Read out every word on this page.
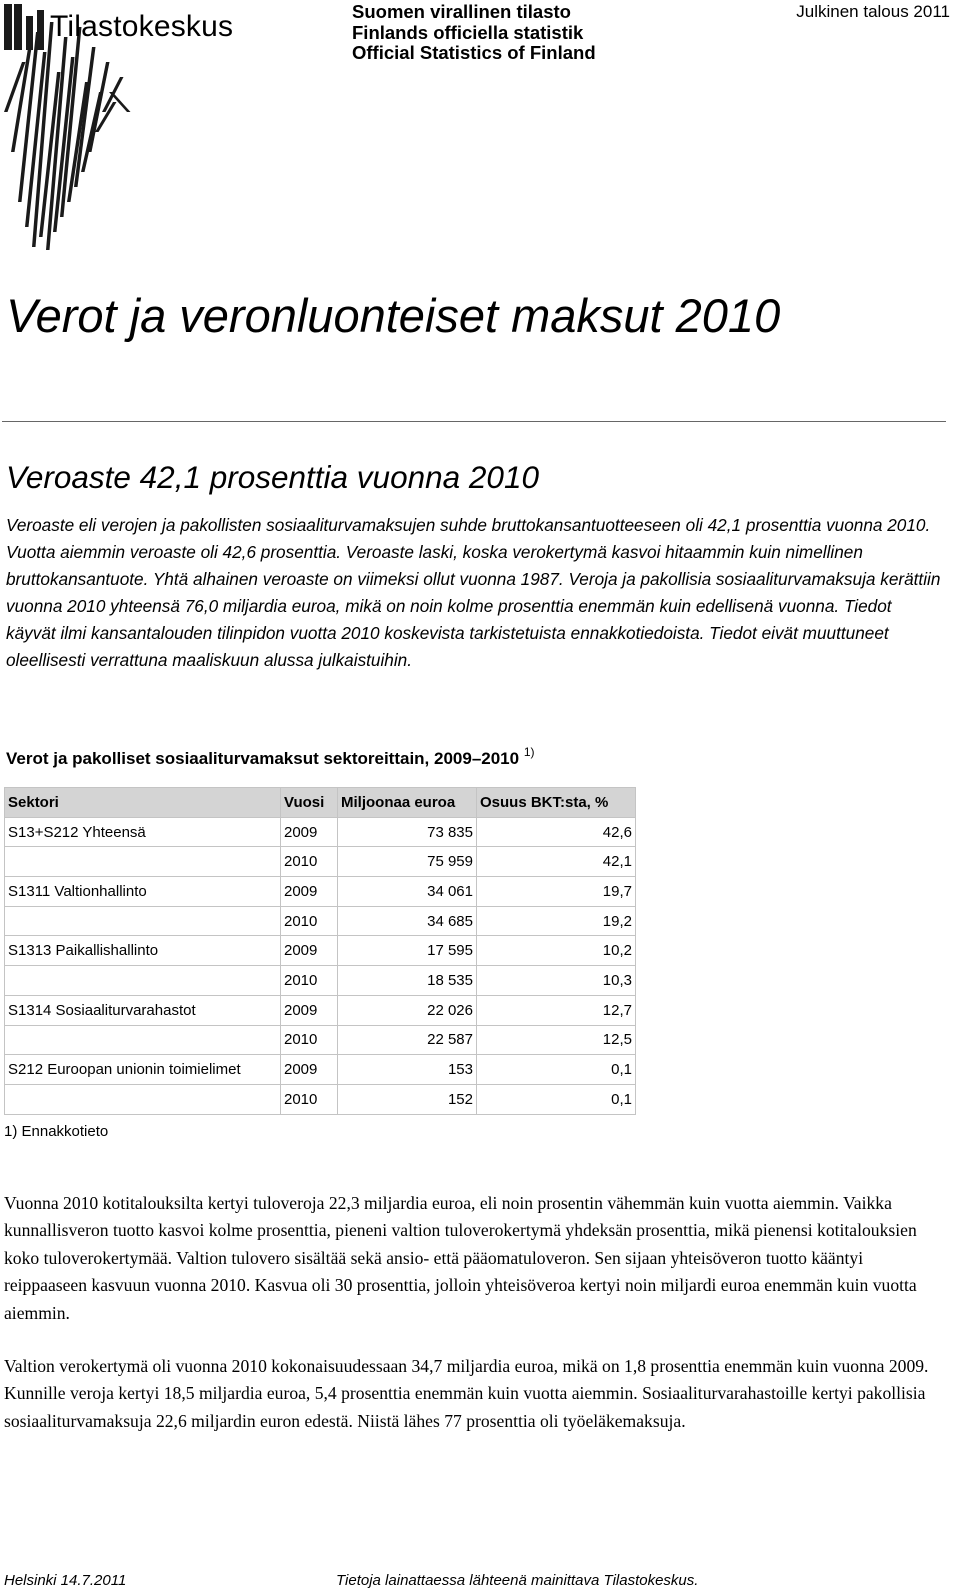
Tilastokeskus	Suomen virallinen tilasto
Finlands officiella statistik
Official Statistics of Finland
Julkinen talous 2011
Verot ja veronluonteiset maksut 2010
Veroaste 42,1 prosenttia vuonna 2010
Veroaste eli verojen ja pakollisten sosiaaliturvamaksujen suhde bruttokansantuotteeseen oli 42,1 prosenttia vuonna 2010. Vuotta aiemmin veroaste oli 42,6 prosenttia. Veroaste laski, koska verokertymä kasvoi hitaammin kuin nimellinen bruttokansantuote. Yhtä alhainen veroaste on viimeksi ollut vuonna 1987. Veroja ja pakollisia sosiaaliturvamaksuja kerättiin vuonna 2010 yhteensä 76,0 miljardia euroa, mikä on noin kolme prosenttia enemmän kuin edellisenä vuonna. Tiedot käyvät ilmi kansantalouden tilinpidon vuotta 2010 koskevista tarkistetuista ennakkotiedoista. Tiedot eivät muuttuneet oleellisesti verrattuna maaliskuun alussa julkaistuihin.
Verot ja pakolliset sosiaaliturvamaksut sektoreittain, 2009–2010 $^{1)}$
Sektori	Vuosi	Miljoonaa euroa	Osuus BKT:sta, %
S13+S212 Yhteensä	2009	73 835	42,6
	2010	75 959	42,1
S1311 Valtionhallinto	2009	34 061	19,7
	2010	34 685	19,2
S1313 Paikallishallinto	2009	17 595	10,2
	2010	18 535	10,3
S1314 Sosiaaliturvarahastot	2009	22 026	12,7
	2010	22 587	12,5
S212 Euroopan unionin toimielimet	2009	153	0,1
	2010	152	0,1
1) Ennakkotieto
Vuonna 2010 kotitalouksilta kertyi tuloveroja 22,3 miljardia euroa, eli noin prosentin vähemmän kuin vuotta aiemmin. Vaikka kunnallisveron tuotto kasvoi kolme prosenttia, pieneni valtion tuloverokertymä yhdeksän prosenttia, mikä pienensi kotitalouksien koko tuloverokertymää. Valtion tulovero sisältää sekä ansio- että pääomatuloveron. Sen sijaan yhteisöveron tuotto kääntyi reippaaseen kasvuun vuonna 2010. Kasvua oli 30 prosenttia, jolloin yhteisöveroa kertyi noin miljardi euroa enemmän kuin vuotta aiemmin.
Valtion verokertymä oli vuonna 2010 kokonaisuudessaan 34,7 miljardia euroa, mikä on 1,8 prosenttia enemmän kuin vuonna 2009. Kunnille veroja kertyi 18,5 miljardia euroa, 5,4 prosenttia enemmän kuin vuotta aiemmin. Sosiaaliturvarahastoille kertyi pakollisia sosiaaliturvamaksuja 22,6 miljardin euron edestä. Niistä lähes 77 prosenttia oli työeläkemaksuja.
Helsinki 14.7.2011	Tietoja lainattaessa lähteenä mainittava Tilastokeskus.
